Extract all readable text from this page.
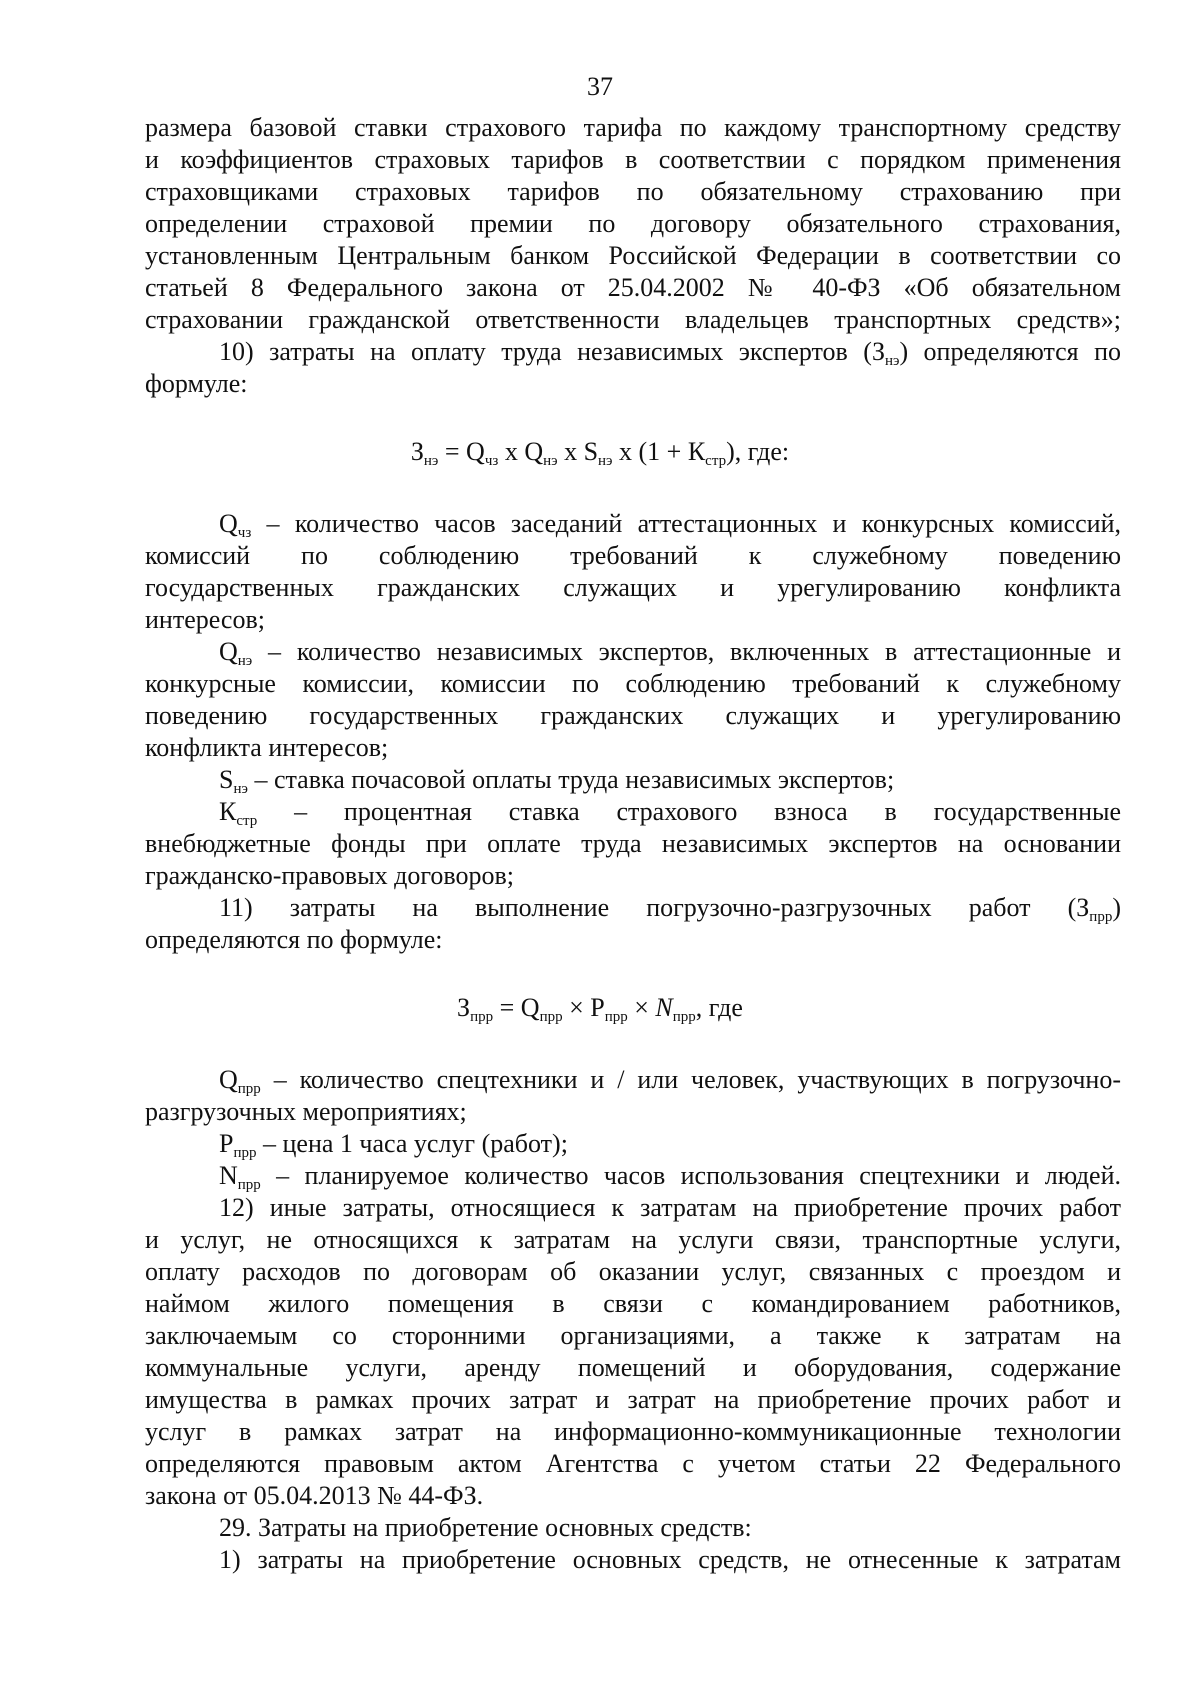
37

размера базовой ставки страхового тарифа по каждому транспортному средству

и коэффициентов страховых тарифов в соответствии с порядком применения

страховщиками страховых тарифов по обязательному страхованию при

определении страховой премии по договору обязательного страхования,

установленным Центральным банком Российской Федерации в соответствии со

статьей 8 Федерального закона от 25.04.2002 № 40-ФЗ «Об обязательном

страховании гражданской ответственности владельцев транспортных средств»;

10) затраты на оплату труда независимых экспертов $(З_{нэ})$ определяются по

формуле:

$З_{нэ} = Q_{чз}$ x $Q_{нэ}$ x $S_{нэ}$ x $(1 + К_{стр})$, где:

$Q_{чз}$ – количество часов заседаний аттестационных и конкурсных комиссий,

комиссий по соблюдению требований к служебному поведению

государственных гражданских служащих и урегулированию конфликта

интересов;

$Q_{нэ}$ – количество независимых экспертов, включенных в аттестационные и

конкурсные комиссии, комиссии по соблюдению требований к служебному

поведению государственных гражданских служащих и урегулированию

конфликта интересов;

$S_{нэ}$ – ставка почасовой оплаты труда независимых экспертов;

$К_{стр}$ – процентная ставка страхового взноса в государственные

внебюджетные фонды при оплате труда независимых экспертов на основании

гражданско-правовых договоров;

11) затраты на выполнение погрузочно-разгрузочных работ $(З_{прр})$

определяются по формуле:

$З_{прр} = Q_{прр} \times P_{прр} \times N_{прр}$, где

$Q_{прр}$ – количество спецтехники и / или человек, участвующих в погрузочно-

разгрузочных мероприятиях;

$P_{прр}$ – цена 1 часа услуг (работ);

$N_{прр}$ – планируемое количество часов использования спецтехники и людей.

12) иные затраты, относящиеся к затратам на приобретение прочих работ

и услуг, не относящихся к затратам на услуги связи, транспортные услуги,

оплату расходов по договорам об оказании услуг, связанных с проездом и

наймом жилого помещения в связи с командированием работников,

заключаемым со сторонними организациями, а также к затратам на

коммунальные услуги, аренду помещений и оборудования, содержание

имущества в рамках прочих затрат и затрат на приобретение прочих работ и

услуг в рамках затрат на информационно-коммуникационные технологии

определяются правовым актом Агентства с учетом статьи 22 Федерального

закона от 05.04.2013 № 44-ФЗ.

29. Затраты на приобретение основных средств:

1) затраты на приобретение основных средств, не отнесенные к затратам
